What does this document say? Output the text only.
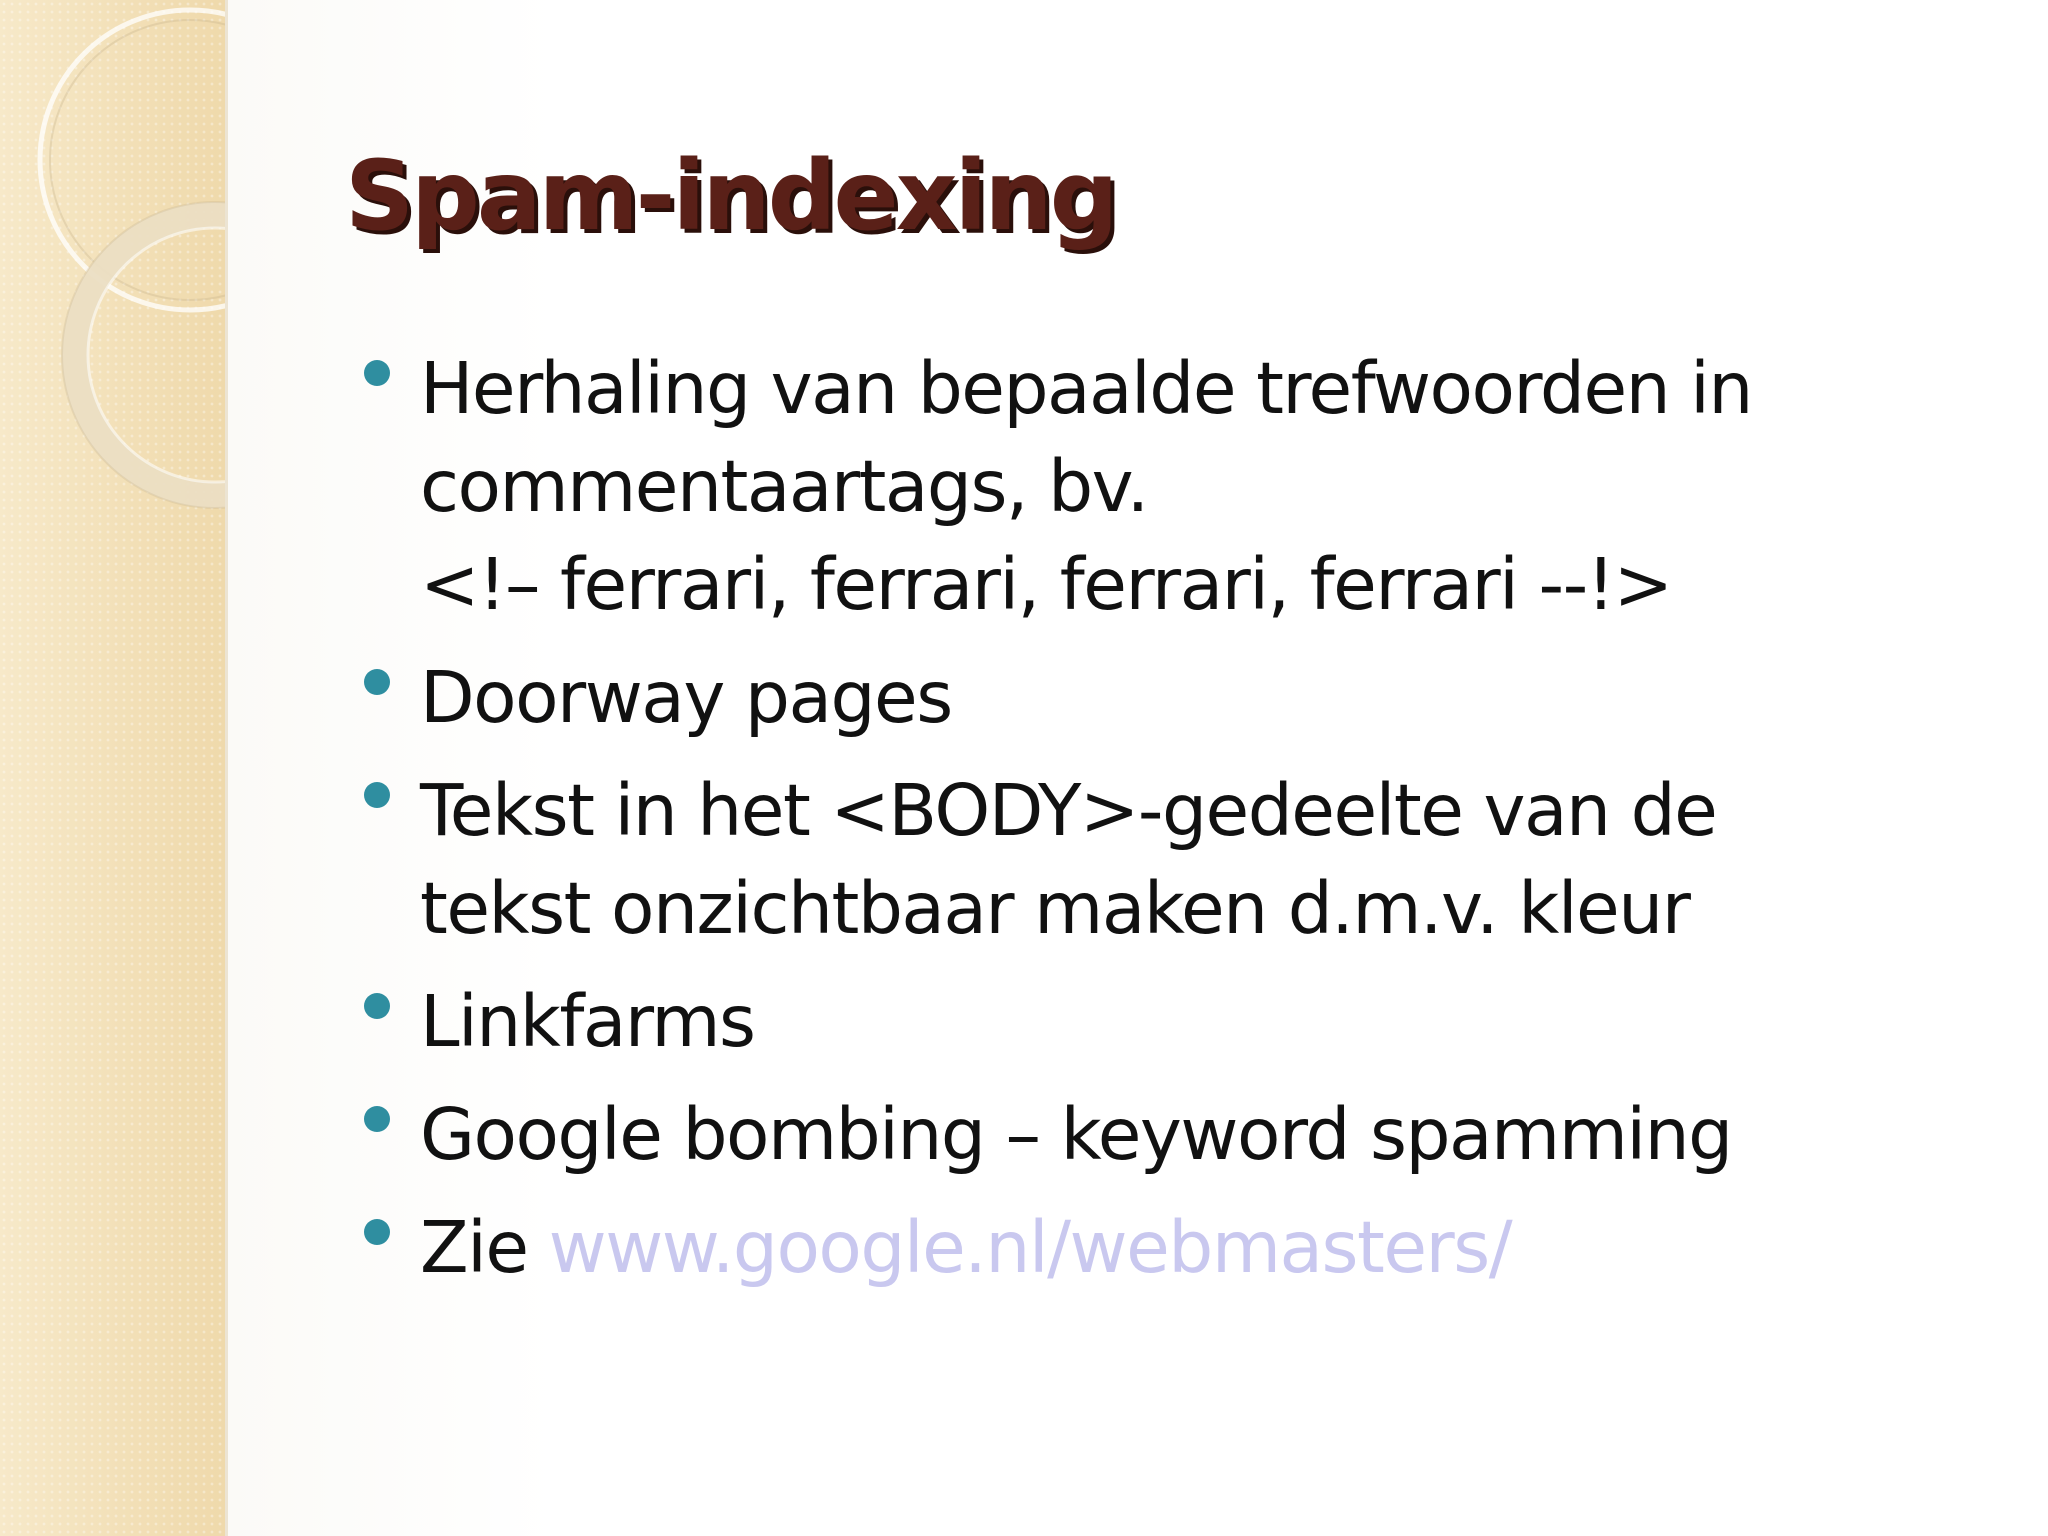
Spam-indexing
Herhaling van bepaalde trefwoorden in
commentaartags, bv.
<!– ferrari, ferrari, ferrari, ferrari --!>
Doorway pages
Tekst in het <BODY>-gedeelte van de
tekst onzichtbaar maken d.m.v. kleur
Linkfarms
Google bombing – keyword spamming
Zie www.google.nl/webmasters/
